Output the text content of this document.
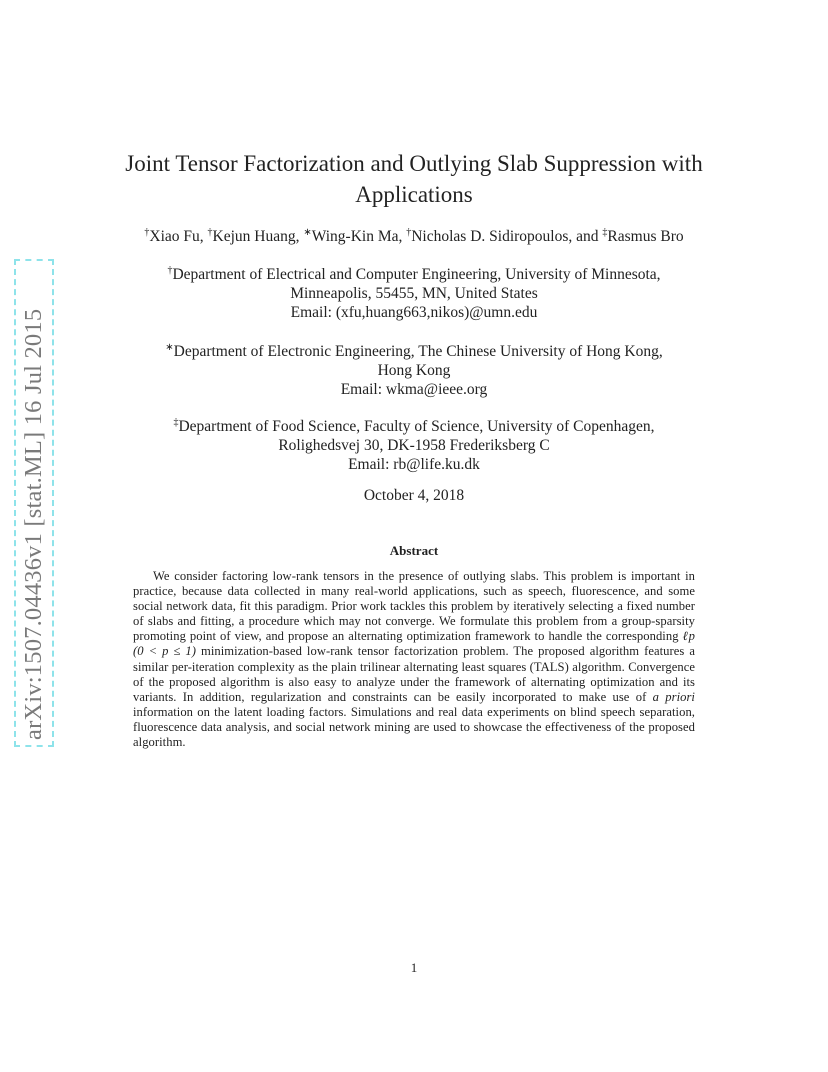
arXiv:1507.04436v1 [stat.ML] 16 Jul 2015
Joint Tensor Factorization and Outlying Slab Suppression with
Applications
†Xiao Fu, †Kejun Huang, ∗Wing-Kin Ma, †Nicholas D. Sidiropoulos, and ‡Rasmus Bro
†Department of Electrical and Computer Engineering, University of Minnesota,
Minneapolis, 55455, MN, United States
Email: (xfu,huang663,nikos)@umn.edu
∗Department of Electronic Engineering, The Chinese University of Hong Kong,
Hong Kong
Email: wkma@ieee.org
‡Department of Food Science, Faculty of Science, University of Copenhagen,
Rolighedsvej 30, DK-1958 Frederiksberg C
Email: rb@life.ku.dk
October 4, 2018
Abstract
We consider factoring low-rank tensors in the presence of outlying slabs. This problem is important in practice, because data collected in many real-world applications, such as speech, fluorescence, and some social network data, fit this paradigm. Prior work tackles this problem by iteratively selecting a fixed number of slabs and fitting, a procedure which may not converge. We formulate this problem from a group-sparsity promoting point of view, and propose an alternating optimization framework to handle the corresponding ℓp (0 < p ≤ 1) minimization-based low-rank tensor factorization problem. The proposed algorithm features a similar per-iteration complexity as the plain trilinear alternating least squares (TALS) algorithm. Convergence of the proposed algorithm is also easy to analyze under the framework of alternating optimization and its variants. In addition, regularization and constraints can be easily incorporated to make use of a priori information on the latent loading factors. Simulations and real data experiments on blind speech separation, fluorescence data analysis, and social network mining are used to showcase the effectiveness of the proposed algorithm.
1
